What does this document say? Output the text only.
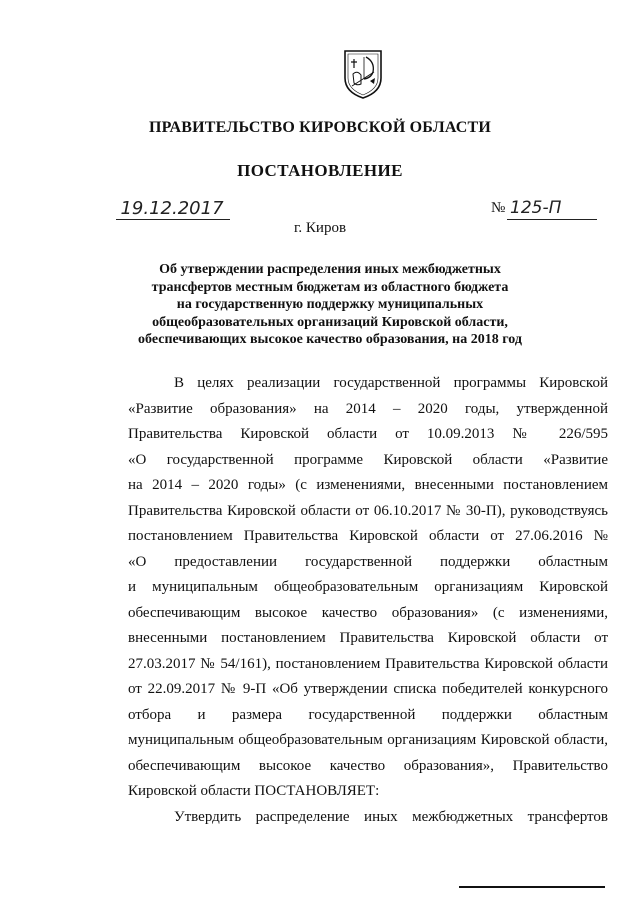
ПРАВИТЕЛЬСТВО КИРОВСКОЙ ОБЛАСТИ
ПОСТАНОВЛЕНИЕ
19.12.2017	№ 125-П
г. Киров
Об утверждении распределения иных межбюджетных
трансфертов местным бюджетам из областного бюджета
на государственную поддержку муниципальных
общеобразовательных организаций Кировской области,
обеспечивающих высокое качество образования, на 2018 год
В целях реализации государственной программы Кировской
«Развитие образования» на 2014 – 2020 годы, утвержденной
Правительства Кировской области от 10.09.2013 № 226/595
«О государственной программе Кировской области «Развитие
на 2014 – 2020 годы» (с изменениями, внесенными постановлением
Правительства Кировской области от 06.10.2017 № 30-П), руководствуясь
постановлением Правительства Кировской области от 27.06.2016 №
«О предоставлении государственной поддержки областным
и муниципальным общеобразовательным организациям Кировской
обеспечивающим высокое качество образования» (с изменениями,
внесенными постановлением Правительства Кировской области от
27.03.2017 № 54/161), постановлением Правительства Кировской области
от 22.09.2017 № 9-П «Об утверждении списка победителей конкурсного
отбора и размера государственной поддержки областным
муниципальным общеобразовательным организациям Кировской области,
обеспечивающим высокое качество образования», Правительство
Кировской области ПОСТАНОВЛЯЕТ:
Утвердить распределение иных межбюджетных трансфертов
